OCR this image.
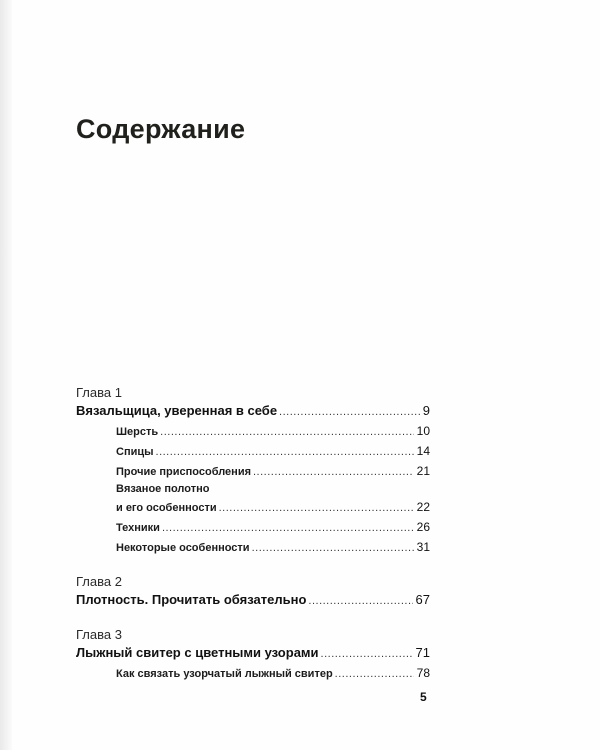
Содержание
Глава 1
Вязальщица, уверенная в себе .....	9
Шерсть .....	10
Спицы .....	14
Прочие приспособления .....	21
Вязаное полотно
и его особенности .....	22
Техники .....	26
Некоторые особенности .....	31
Глава 2
Плотность. Прочитать обязательно .....	67
Глава 3
Лыжный свитер с цветными узорами .....	71
Как связать узорчатый лыжный свитер .....	78
5
